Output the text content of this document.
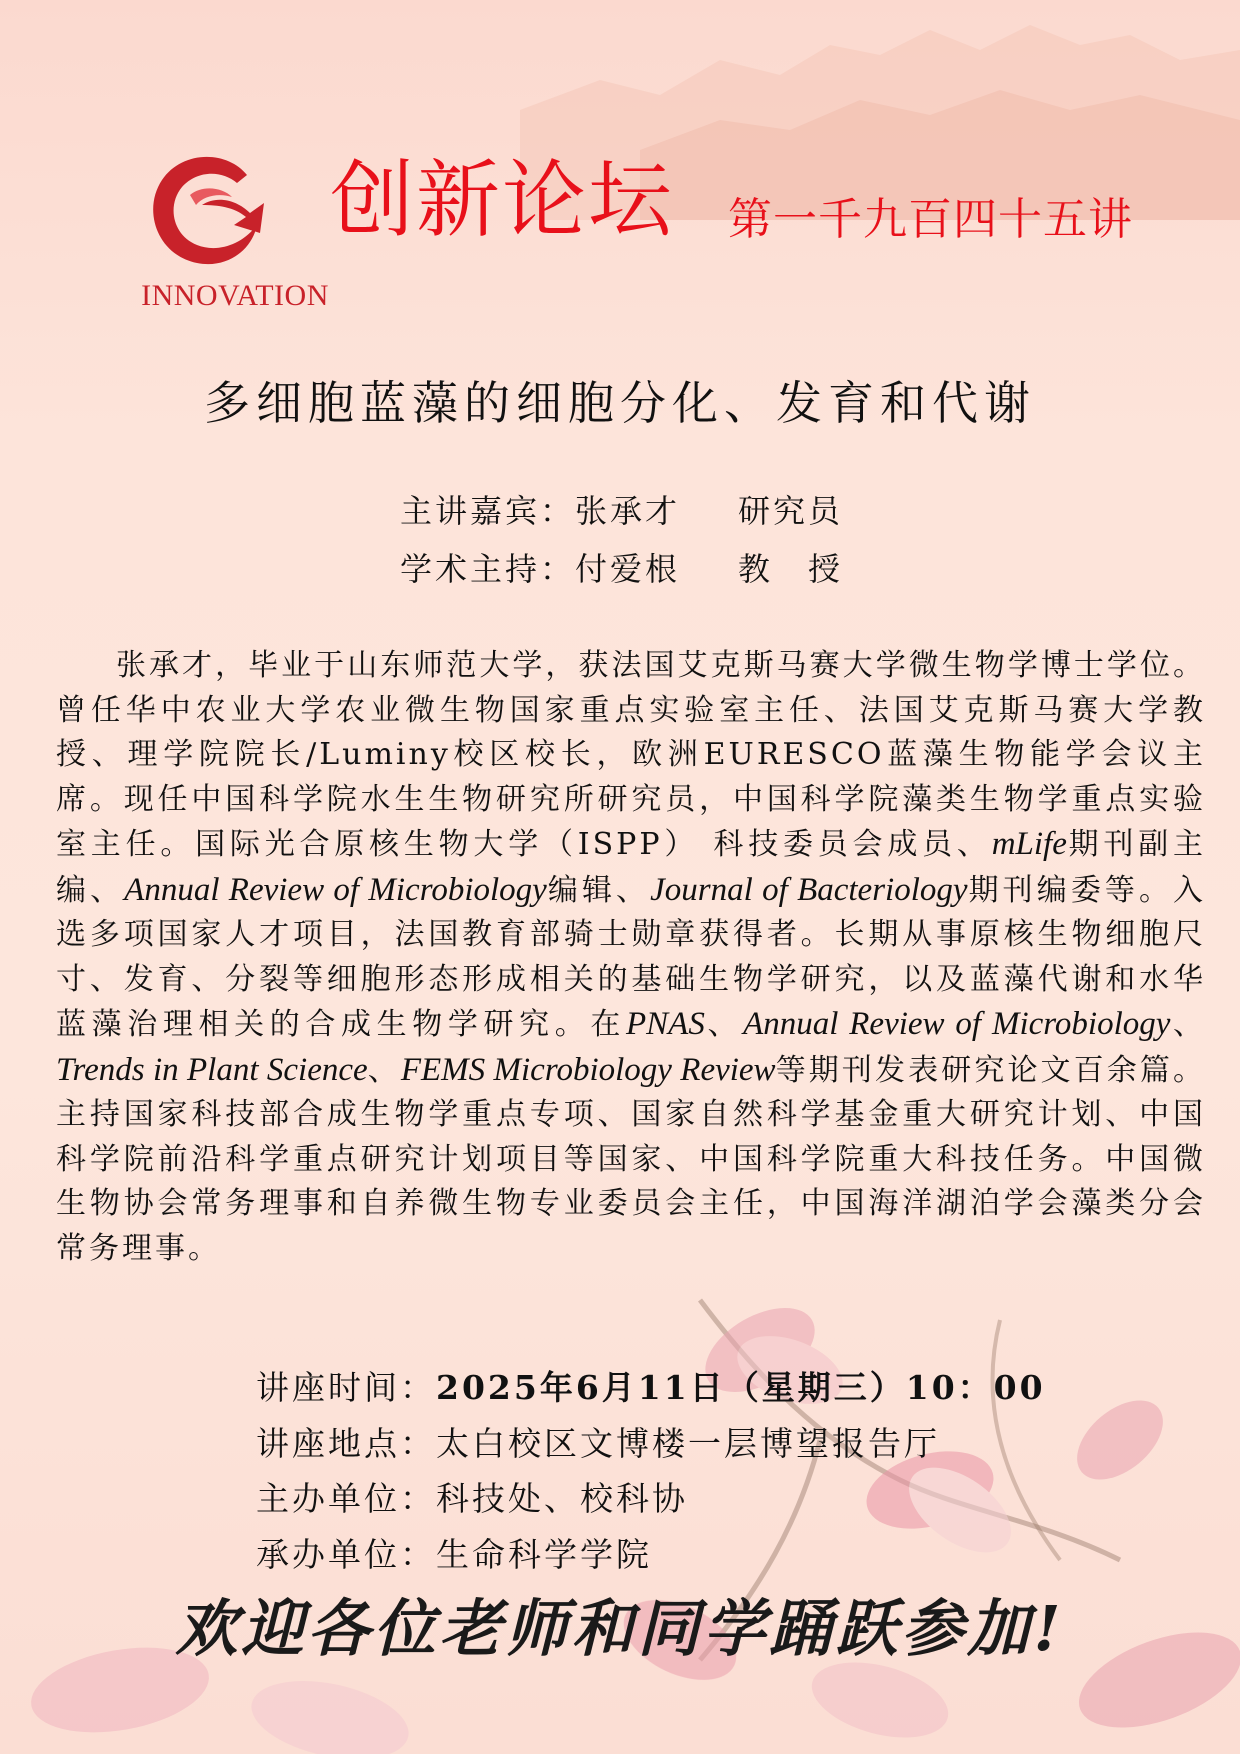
INNOVATION
创新论坛 第一千九百四十五讲
多细胞蓝藻的细胞分化、发育和代谢
主讲嘉宾：张承才 研究员
学术主持：付爱根 教　授
张承才，毕业于山东师范大学，获法国艾克斯马赛大学微生物学博士学位。曾任华中农业大学农业微生物国家重点实验室主任、法国艾克斯马赛大学教授、理学院院长/Luminy校区校长，欧洲EURESCO蓝藻生物能学会议主席。现任中国科学院水生生物研究所研究员，中国科学院藻类生物学重点实验室主任。国际光合原核生物大学（ISPP） 科技委员会成员、mLife期刊副主编、Annual Review of Microbiology编辑、Journal of Bacteriology期刊编委等。入选多项国家人才项目，法国教育部骑士勋章获得者。长期从事原核生物细胞尺寸、发育、分裂等细胞形态形成相关的基础生物学研究，以及蓝藻代谢和水华蓝藻治理相关的合成生物学研究。在PNAS、Annual Review of Microbiology、Trends in Plant Science、FEMS Microbiology Review等期刊发表研究论文百余篇。主持国家科技部合成生物学重点专项、国家自然科学基金重大研究计划、中国科学院前沿科学重点研究计划项目等国家、中国科学院重大科技任务。中国微生物协会常务理事和自养微生物专业委员会主任，中国海洋湖泊学会藻类分会常务理事。
讲座时间：2025年6月11日（星期三）10：00
讲座地点：太白校区文博楼一层博望报告厅
主办单位：科技处、校科协
承办单位：生命科学学院
欢迎各位老师和同学踊跃参加!
